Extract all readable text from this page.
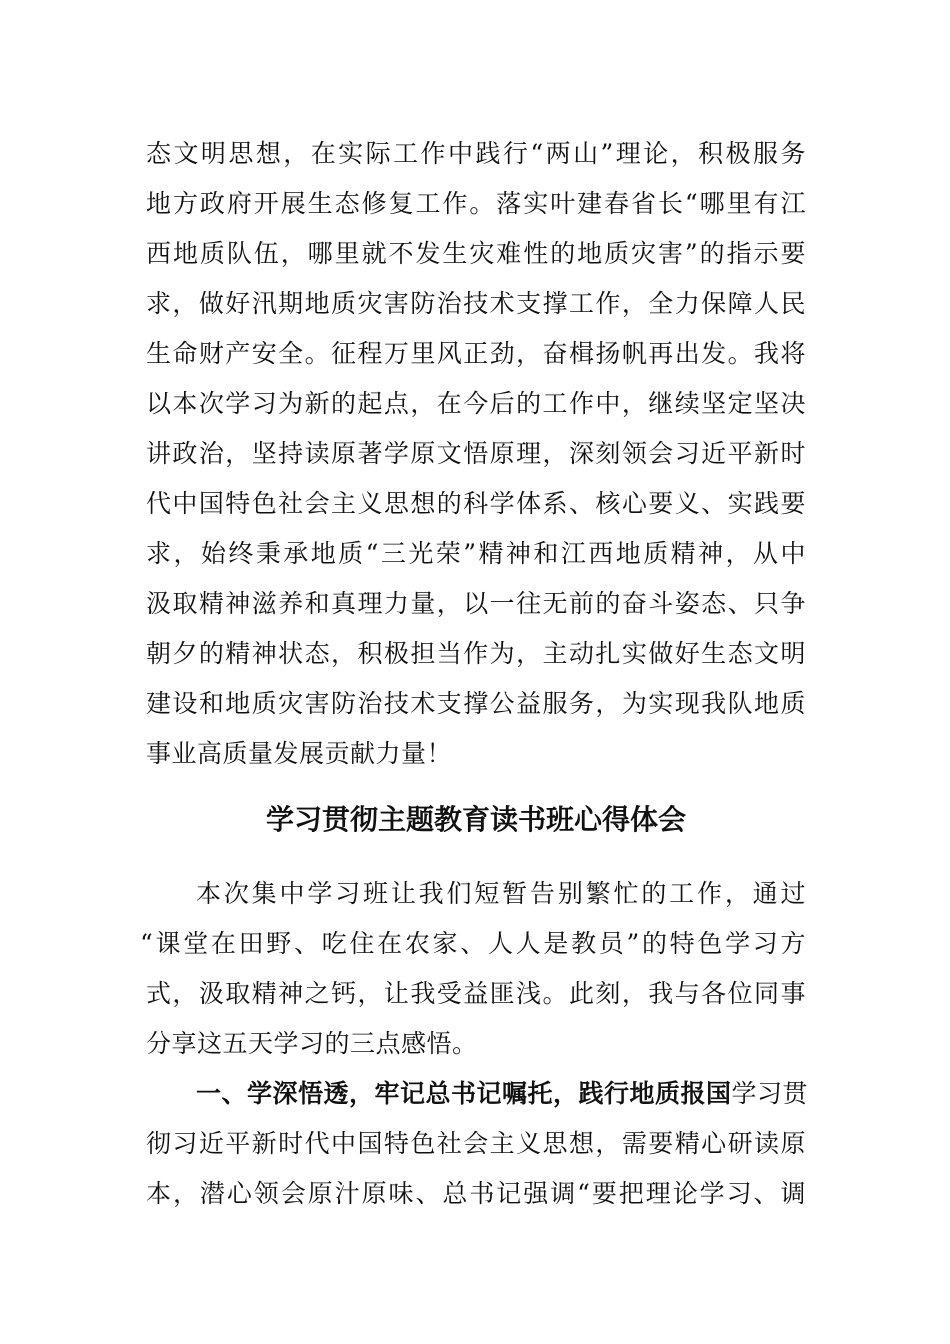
态文明思想，在实际工作中践行“两山”理论，积极服务
地方政府开展生态修复工作。落实叶建春省长“哪里有江
西地质队伍，哪里就不发生灾难性的地质灾害”的指示要
求，做好汛期地质灾害防治技术支撑工作，全力保障人民
生命财产安全。征程万里风正劲，奋楫扬帆再出发。我将
以本次学习为新的起点，在今后的工作中，继续坚定坚决
讲政治，坚持读原著学原文悟原理，深刻领会习近平新时
代中国特色社会主义思想的科学体系、核心要义、实践要
求，始终秉承地质“三光荣”精神和江西地质精神，从中
汲取精神滋养和真理力量，以一往无前的奋斗姿态、只争
朝夕的精神状态，积极担当作为，主动扎实做好生态文明
建设和地质灾害防治技术支撑公益服务，为实现我队地质
事业高质量发展贡献力量！
学习贯彻主题教育读书班心得体会
本次集中学习班让我们短暂告别繁忙的工作，通过
“课堂在田野、吃住在农家、人人是教员”的特色学习方
式，汲取精神之钙，让我受益匪浅。此刻，我与各位同事
分享这五天学习的三点感悟。
一、学深悟透，牢记总书记嘱托，践行地质报国学习贯
彻习近平新时代中国特色社会主义思想，需要精心研读原
本，潜心领会原汁原味、总书记强调“要把理论学习、调
